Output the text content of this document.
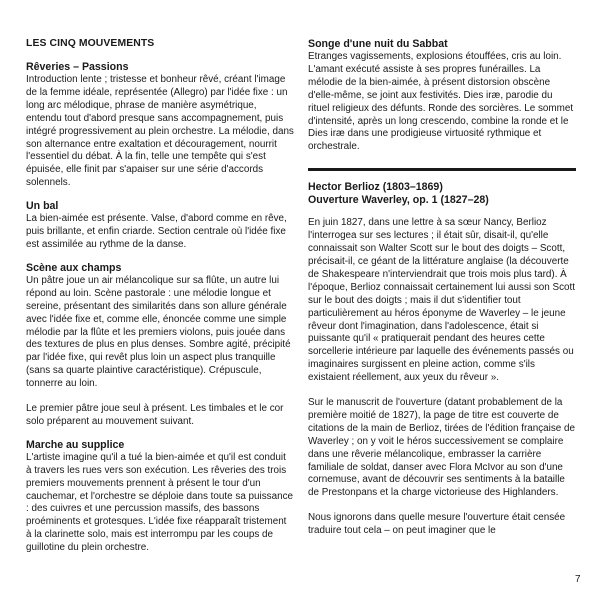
LES CINQ MOUVEMENTS
Rêveries – Passions

Introduction lente ; tristesse et bonheur rêvé, créant l'image de la femme idéale, représentée (Allegro) par l'idée fixe : un long arc mélodique, phrase de manière asymétrique, entendu tout d'abord presque sans accompagnement, puis intégré progressivement au plein orchestre. La mélodie, dans son alternance entre exaltation et découragement, nourrit l'essentiel du débat. À la fin, telle une tempête qui s'est épuisée, elle finit par s'apaiser sur une série d'accords solennels.

Un bal

La bien-aimée est présente. Valse, d'abord comme en rêve, puis brillante, et enfin criarde. Section centrale où l'idée fixe est assimilée au rythme de la danse.

Scène aux champs

Un pâtre joue un air mélancolique sur sa flûte, un autre lui répond au loin. Scène pastorale : une mélodie longue et sereine, présentant des similarités dans son allure générale avec l'idée fixe et, comme elle, énoncée comme une simple mélodie par la flûte et les premiers violons, puis jouée dans des textures de plus en plus denses. Sombre agité, précipité par l'idée fixe, qui revêt plus loin un aspect plus tranquille (sans sa quarte plaintive caractéristique). Crépuscule, tonnerre au loin.

Le premier pâtre joue seul à présent. Les timbales et le cor solo préparent au mouvement suivant.

Marche au supplice

L'artiste imagine qu'il a tué la bien-aimée et qu'il est conduit à travers les rues vers son exécution. Les rêveries des trois premiers mouvements prennent à présent le tour d'un cauchemar, et l'orchestre se déploie dans toute sa puissance : des cuivres et une percussion massifs, des bassons proéminents et grotesques. L'idée fixe réapparaît tristement à la clarinette solo, mais est interrompu par les coups de guillotine du plein orchestre.

Songe d'une nuit du Sabbat

Etranges vagissements, explosions étouffées, cris au loin. L'amant exécuté assiste à ses propres funérailles. La mélodie de la bien-aimée, à présent distorsion obscène d'elle-même, se joint aux festivités. Dies iræ, parodie du rituel religieux des défunts. Ronde des sorcières. Le sommet d'intensité, après un long crescendo, combine la ronde et le Dies iræ dans une prodigieuse virtuosité rythmique et orchestrale.

Hector Berlioz (1803–1869)
Ouverture Waverley, op. 1 (1827–28)

En juin 1827, dans une lettre à sa sœur Nancy, Berlioz l'interrogea sur ses lectures ; il était sûr, disait-il, qu'elle connaissait son Walter Scott sur le bout des doigts – Scott, précisait-il, ce géant de la littérature anglaise (la découverte de Shakespeare n'interviendrait que trois mois plus tard). À l'époque, Berlioz connaissait certainement lui aussi son Scott sur le bout des doigts ; mais il dut s'identifier tout particulièrement au héros éponyme de Waverley – le jeune rêveur dont l'imagination, dans l'adolescence, était si puissante qu'il « pratiquerait pendant des heures cette sorcellerie intérieure par laquelle des événements passés ou imaginaires surgissent en pleine action, comme s'ils existaient réellement, aux yeux du rêveur ».

Sur le manuscrit de l'ouverture (datant probablement de la première moitié de 1827), la page de titre est couverte de citations de la main de Berlioz, tirées de l'édition française de Waverley ; on y voit le héros successivement se complaire dans une rêverie mélancolique, embrasser la carrière familiale de soldat, danser avec Flora McIvor au son d'une cornemuse, avant de découvrir ses sentiments à la bataille de Prestonpans et la charge victorieuse des Highlanders.

Nous ignorons dans quelle mesure l'ouverture était censée traduire tout cela – on peut imaginer que le

7
